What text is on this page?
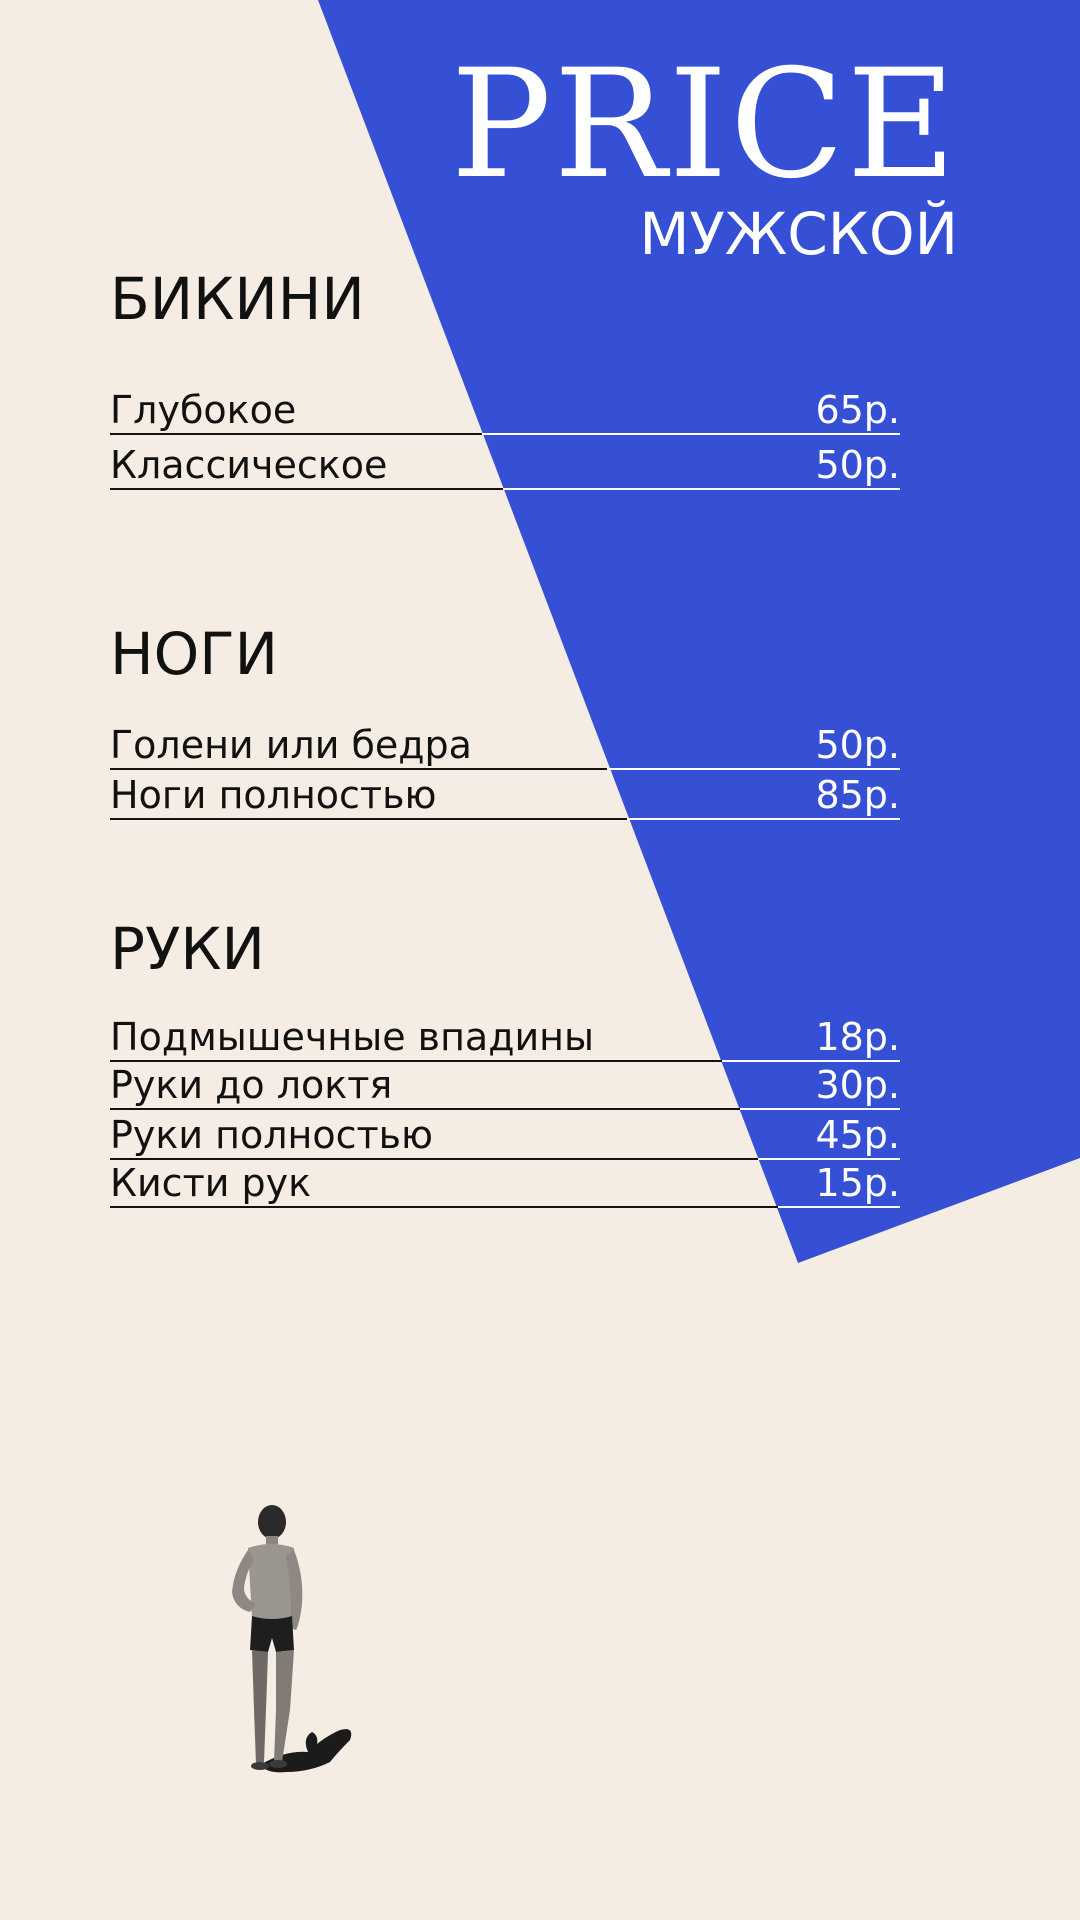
PRICE
МУЖСКОЙ
БИКИНИ
Глубокое	65р.
Классическое	50р.
НОГИ
Голени или бедра	50р.
Ноги полностью	85р.
РУКИ
Подмышечные впадины	18р.
Руки до локтя	30р.
Руки полностью	45р.
Кисти рук	15р.
